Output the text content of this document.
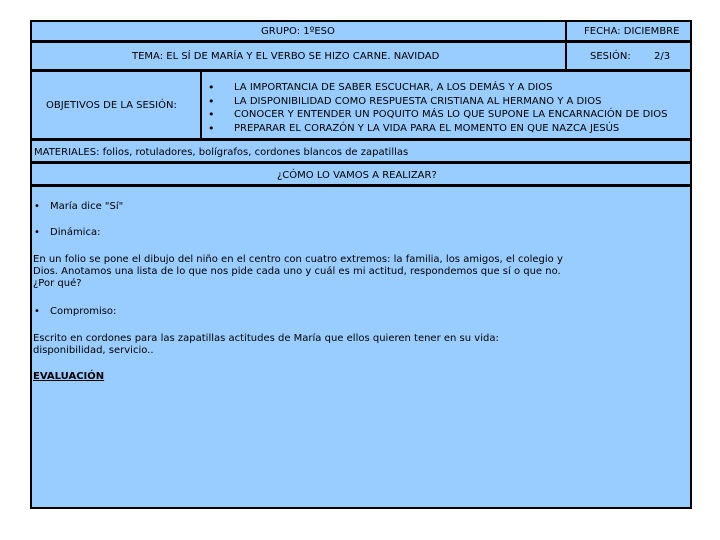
GRUPO: 1ºESO	FECHA: DICIEMBRE
TEMA: EL SÍ DE MARÍA Y EL VERBO SE HIZO CARNE. NAVIDAD	SESIÓN: 2/3
OBJETIVOS DE LA SESIÓN:
• LA IMPORTANCIA DE SABER ESCUCHAR, A LOS DEMÁS Y A DIOS
• LA DISPONIBILIDAD COMO RESPUESTA CRISTIANA AL HERMANO Y A DIOS
• CONOCER Y ENTENDER UN POQUITO MÁS LO QUE SUPONE LA ENCARNACIÓN DE DIOS
• PREPARAR EL CORAZÓN Y LA VIDA PARA EL MOMENTO EN QUE NAZCA JESÚS
MATERIALES: folios, rotuladores, bolígrafos, cordones blancos de zapatillas
¿CÓMO LO VAMOS A REALIZAR?
• María dice "Sí"
• Dinámica:
En un folio se pone el dibujo del niño en el centro con cuatro extremos: la familia, los amigos, el colegio y Dios. Anotamos una lista de lo que nos pide cada uno y cuál es mi actitud, respondemos que sí o que no. ¿Por qué?
• Compromiso:
Escrito en cordones para las zapatillas actitudes de María que ellos quieren tener en su vida: disponibilidad, servicio..
EVALUACIÓN
